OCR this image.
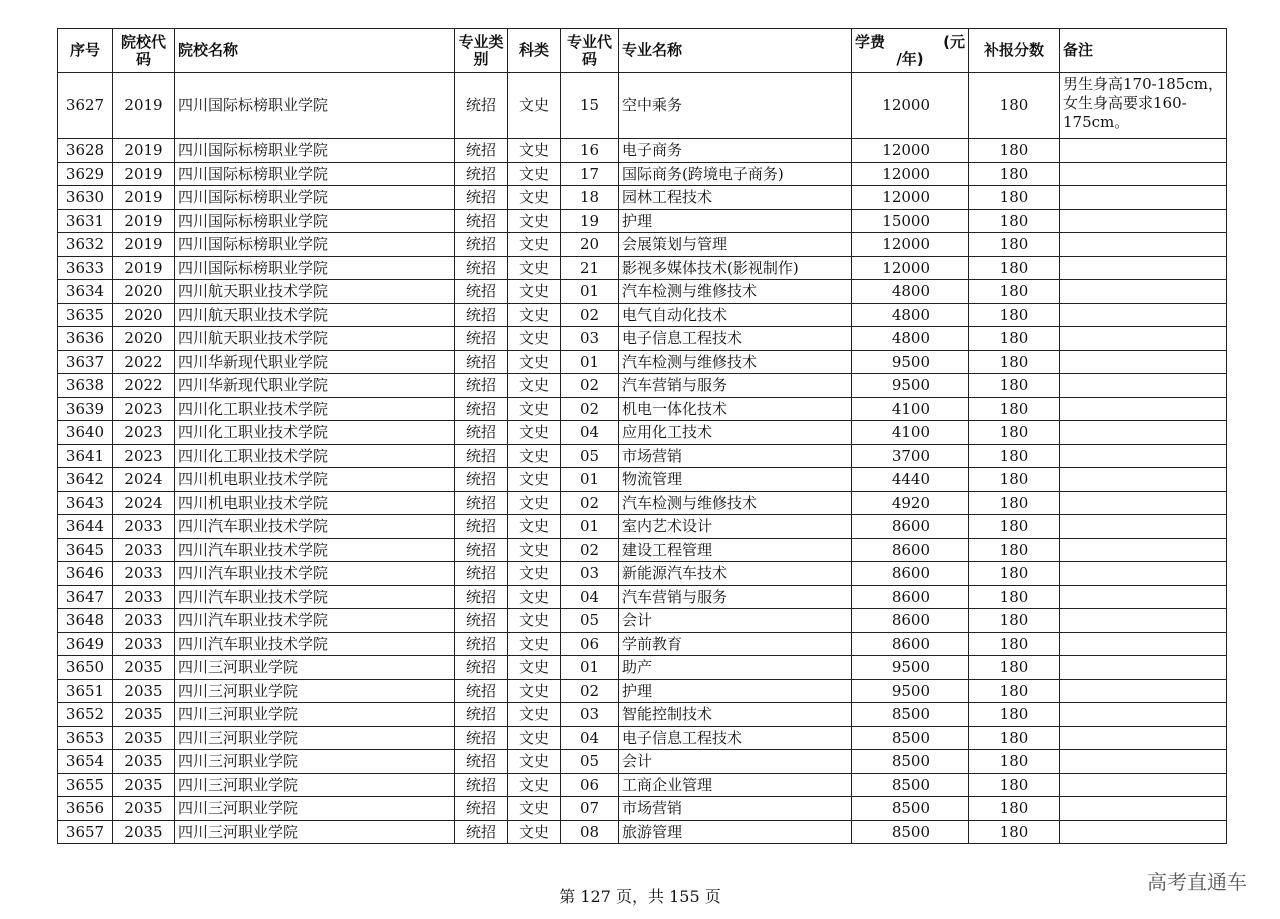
序号	院校代码	院校名称	专业类别	科类	专业代码	专业名称	学费 (元
/年)	补报分数	备注
3627	2019	四川国际标榜职业学院	统招	文史	15	空中乘务	12000	180	男生身高170-185cm，女生身高要求160-175cm。
3628	2019	四川国际标榜职业学院	统招	文史	16	电子商务	12000	180	
3629	2019	四川国际标榜职业学院	统招	文史	17	国际商务(跨境电子商务)	12000	180	
3630	2019	四川国际标榜职业学院	统招	文史	18	园林工程技术	12000	180	
3631	2019	四川国际标榜职业学院	统招	文史	19	护理	15000	180	
3632	2019	四川国际标榜职业学院	统招	文史	20	会展策划与管理	12000	180	
3633	2019	四川国际标榜职业学院	统招	文史	21	影视多媒体技术(影视制作)	12000	180	
3634	2020	四川航天职业技术学院	统招	文史	01	汽车检测与维修技术	4800	180	
3635	2020	四川航天职业技术学院	统招	文史	02	电气自动化技术	4800	180	
3636	2020	四川航天职业技术学院	统招	文史	03	电子信息工程技术	4800	180	
3637	2022	四川华新现代职业学院	统招	文史	01	汽车检测与维修技术	9500	180	
3638	2022	四川华新现代职业学院	统招	文史	02	汽车营销与服务	9500	180	
3639	2023	四川化工职业技术学院	统招	文史	02	机电一体化技术	4100	180	
3640	2023	四川化工职业技术学院	统招	文史	04	应用化工技术	4100	180	
3641	2023	四川化工职业技术学院	统招	文史	05	市场营销	3700	180	
3642	2024	四川机电职业技术学院	统招	文史	01	物流管理	4440	180	
3643	2024	四川机电职业技术学院	统招	文史	02	汽车检测与维修技术	4920	180	
3644	2033	四川汽车职业技术学院	统招	文史	01	室内艺术设计	8600	180	
3645	2033	四川汽车职业技术学院	统招	文史	02	建设工程管理	8600	180	
3646	2033	四川汽车职业技术学院	统招	文史	03	新能源汽车技术	8600	180	
3647	2033	四川汽车职业技术学院	统招	文史	04	汽车营销与服务	8600	180	
3648	2033	四川汽车职业技术学院	统招	文史	05	会计	8600	180	
3649	2033	四川汽车职业技术学院	统招	文史	06	学前教育	8600	180	
3650	2035	四川三河职业学院	统招	文史	01	助产	9500	180	
3651	2035	四川三河职业学院	统招	文史	02	护理	9500	180	
3652	2035	四川三河职业学院	统招	文史	03	智能控制技术	8500	180	
3653	2035	四川三河职业学院	统招	文史	04	电子信息工程技术	8500	180	
3654	2035	四川三河职业学院	统招	文史	05	会计	8500	180	
3655	2035	四川三河职业学院	统招	文史	06	工商企业管理	8500	180	
3656	2035	四川三河职业学院	统招	文史	07	市场营销	8500	180	
3657	2035	四川三河职业学院	统招	文史	08	旅游管理	8500	180	
第 127 页，共 155 页
高考直通车
